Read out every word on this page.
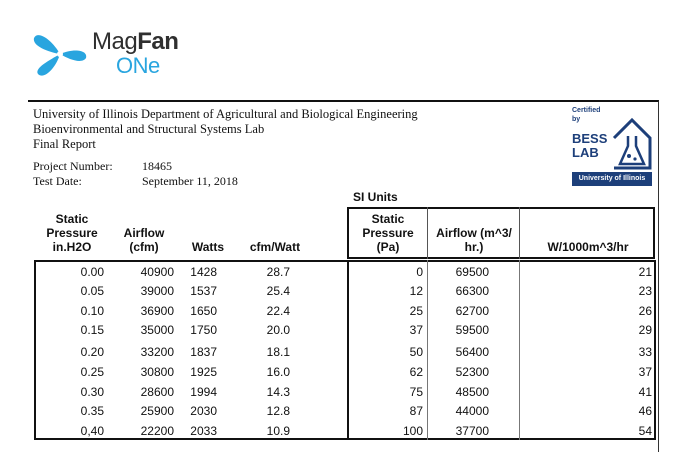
MagFan
ONe
University of Illinois Department of Agricultural and Biological Engineering
Bioenvironmental and Structural Systems Lab
Final Report
Project Number: 18465
Test Date:	September 11, 2018
Certified
by
BESS
LAB
University of Illinois
SI Units
Static
Pressure
in.H2O
Airflow
(cfm)	Watts	cfm/Watt
Static
Pressure
(Pa)
Airflow (m^3/
hr.)	W/1000m^3/hr
0.00	40900 1428	28.7	0	69500	21
0.05	39000 1537	25.4	12	66300	23
0.10	36900 1650	22.4	25	62700	26
0.15	35000 1750	20.0	37	59500	29
0.20	33200 1837	18.1	50	56400	33
0.25	30800 1925	16.0	62	52300	37
0.30	28600 1994	14.3	75	48500	41
0.35	25900 2030	12.8	87	44000	46
0,40	22200 2033	10.9	100	37700	54
